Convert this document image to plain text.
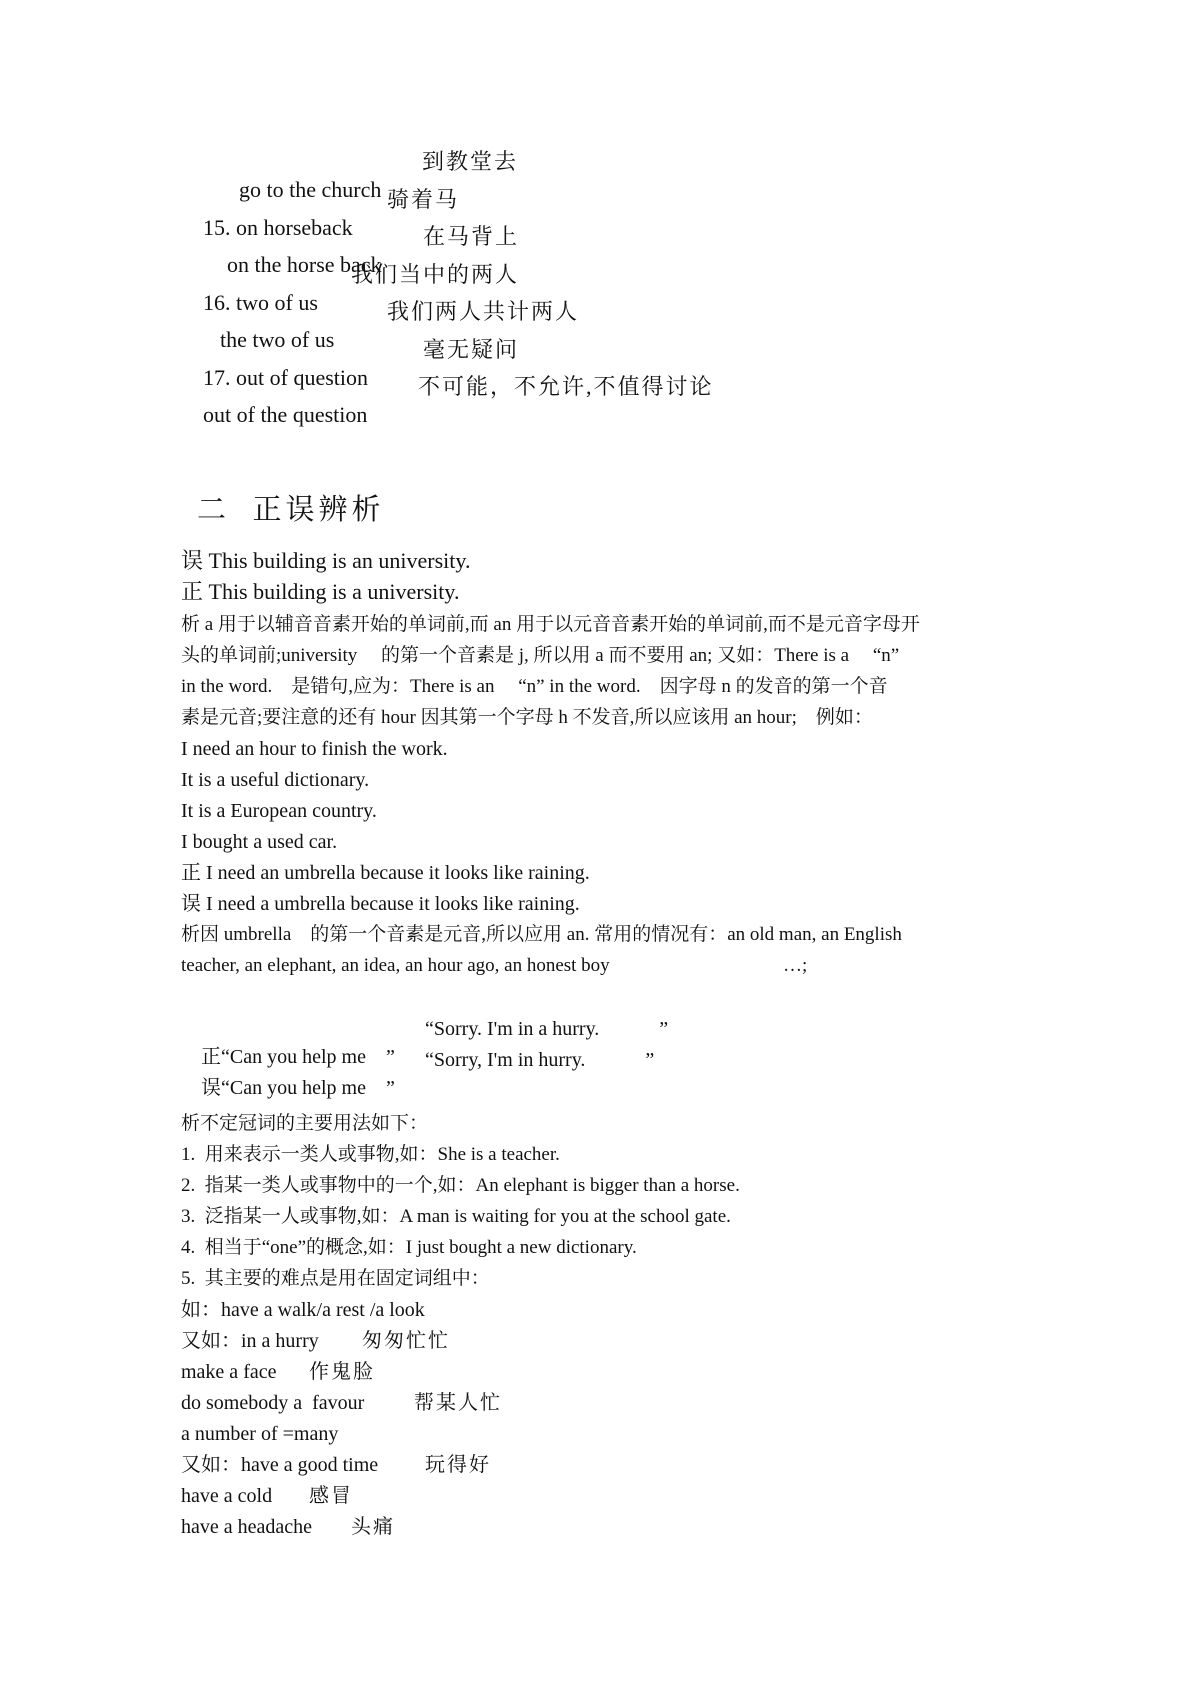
go to the church

到教堂去

15. on horseback

骑着马

on the horse back

在马背上

16. two of us

我们当中的两人

the two of us

我们两人共计两人

17. out of question

毫无疑问

out of the question

不可能，不允许,不值得讨论
二  正误辨析
误 This building is an university.
正 This building is a university.
析 a 用于以辅音音素开始的单词前,而 an 用于以元音音素开始的单词前,而不是元音字母开
头的单词前;university　 的第一个音素是 j, 所以用 a 而不要用 an; 又如：There is a　 “n”
in the word.　是错句,应为：There is an　 “n” in the word.　因字母 n 的发音的第一个音
素是元音;要注意的还有 hour 因其第一个字母 h 不发音,所以应该用 an hour;　例如：
I need an hour to finish the work.
It is a useful dictionary.
It is a European country.
I bought a used car.
正 I need an umbrella because it looks like raining.
误 I need a umbrella because it looks like raining.
析因 umbrella　的第一个音素是元音,所以应用 an. 常用的情况有：an old man, an English
teacher, an elephant, an idea, an hour ago, an honest boy	…;

正“Can you help me　”

“Sorry. I'm in a hurry.　　　”

误“Can you help me　”

“Sorry, I'm in hurry.　　　”
析不定冠词的主要用法如下：
1.  用来表示一类人或事物,如：She is a teacher.
2.  指某一类人或事物中的一个,如：An elephant is bigger than a horse.
3.  泛指某一人或事物,如：A man is waiting for you at the school gate.
4.  相当于“one”的概念,如：I just bought a new dictionary.
5.  其主要的难点是用在固定词组中：
如：have a walk/a rest /a look
又如：in a hurry 匆匆忙忙
make a face 作鬼脸
do somebody a  favour 帮某人忙
a number of =many
又如：have a good time 玩得好
have a cold 感冒
have a headache 头痛
